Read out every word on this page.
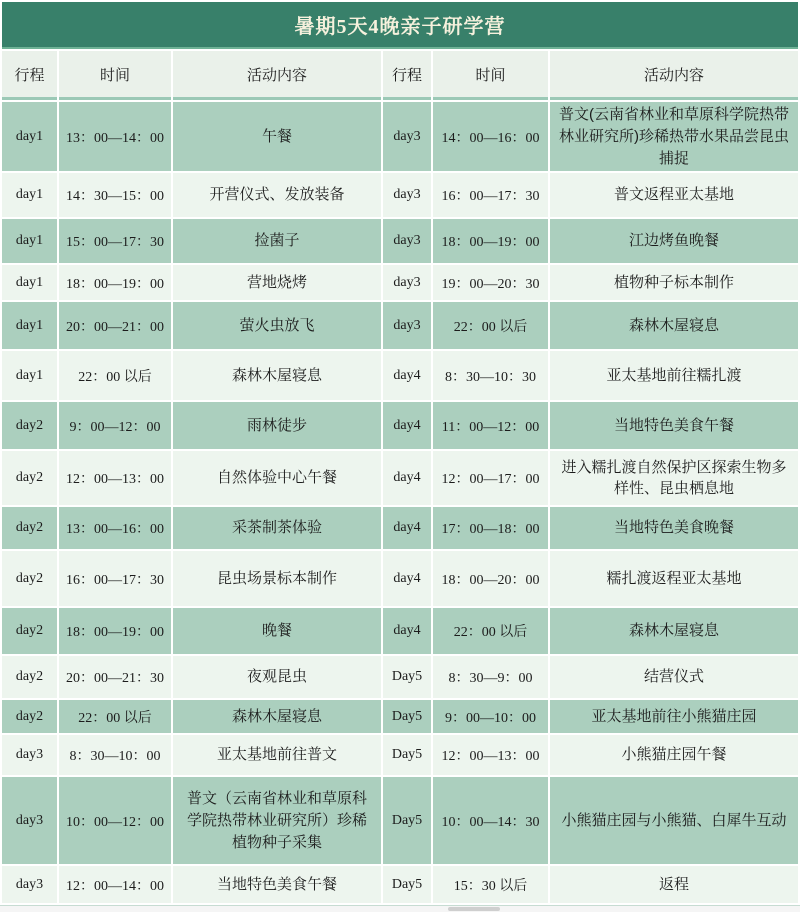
暑期5天4晚亲子研学营					
行程	时间	活动内容	行程	时间	活动内容
day1	13：00—14：00	午餐	day3	14：00—16：00	普文(云南省林业和草原科学院热带林业研究所)珍稀热带水果品尝昆虫捕捉
day1	14：30—15：00	开营仪式、发放装备	day3	16：00—17：30	普文返程亚太基地
day1	15：00—17：30	捡菌子	day3	18：00—19：00	江边烤鱼晚餐
day1	18：00—19：00	营地烧烤	day3	19：00—20：30	植物种子标本制作
day1	20：00—21：00	萤火虫放飞	day3	22：00 以后	森林木屋寝息
day1	22：00 以后	森林木屋寝息	day4	8：30—10：30	亚太基地前往糯扎渡
day2	9：00—12：00	雨林徒步	day4	11：00—12：00	当地特色美食午餐
day2	12：00—13：00	自然体验中心午餐	day4	12：00—17：00	进入糯扎渡自然保护区探索生物多样性、昆虫栖息地
day2	13：00—16：00	采茶制茶体验	day4	17：00—18：00	当地特色美食晚餐
day2	16：00—17：30	昆虫场景标本制作	day4	18：00—20：00	糯扎渡返程亚太基地
day2	18：00—19：00	晚餐	day4	22：00 以后	森林木屋寝息
day2	20：00—21：30	夜观昆虫	Day5	8：30—9：00	结营仪式
day2	22：00 以后	森林木屋寝息	Day5	9：00—10：00	亚太基地前往小熊猫庄园
day3	8：30—10：00	亚太基地前往普文	Day5	12：00—13：00	小熊猫庄园午餐
day3	10：00—12：00	普文（云南省林业和草原科学院热带林业研究所）珍稀植物种子采集	Day5	10：00—14：30	小熊猫庄园与小熊猫、白犀牛互动
day3	12：00—14：00	当地特色美食午餐	Day5	15：30 以后	返程
